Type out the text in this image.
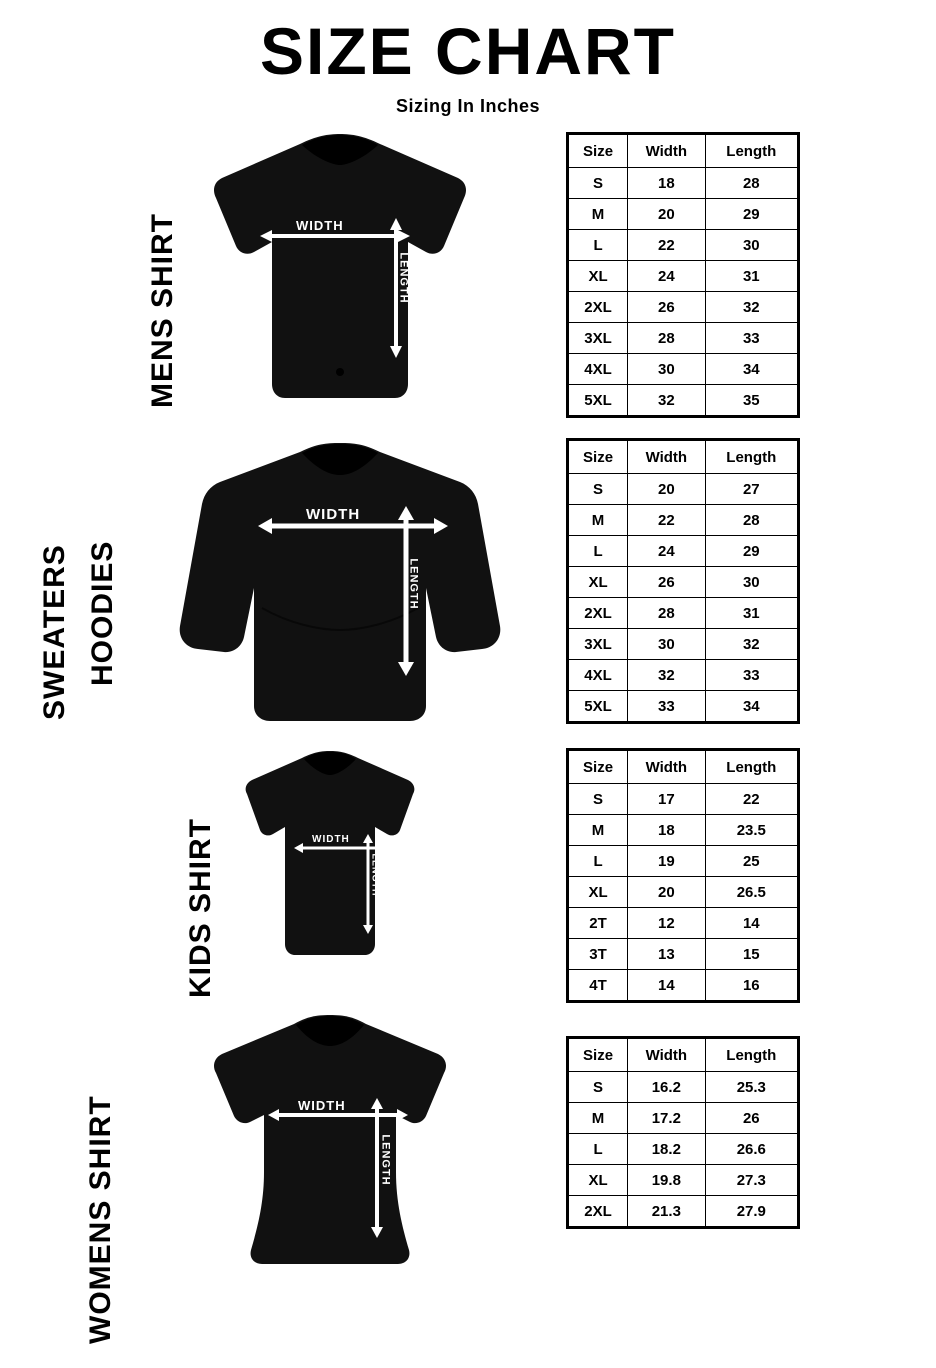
SIZE CHART
Sizing In Inches
MENS SHIRT	WIDTH
LENGTH
Size	Width	Length
S	18	28
M	20	29
L	22	30
XL	24	31
2XL	26	32
3XL	28	33
4XL	30	34
5XL	32	35
SWEATERS HOODIES
WIDTH
LENGTH
Size	Width	Length
S	20	27
M	22	28
L	24	29
XL	26	30
2XL	28	31
3XL	30	32
4XL	32	33
5XL	33	34
KIDS SHIRT	WIDTH
LENGTH
Size	Width	Length
S	17	22
M	18	23.5
L	19	25
XL	20	26.5
2T	12	14
3T	13	15
4T	14	16
WOMENS SHIRT	WIDTH
LENGTH
Size	Width	Length
S	16.2	25.3
M	17.2	26
L	18.2	26.6
XL	19.8	27.3
2XL	21.3	27.9
